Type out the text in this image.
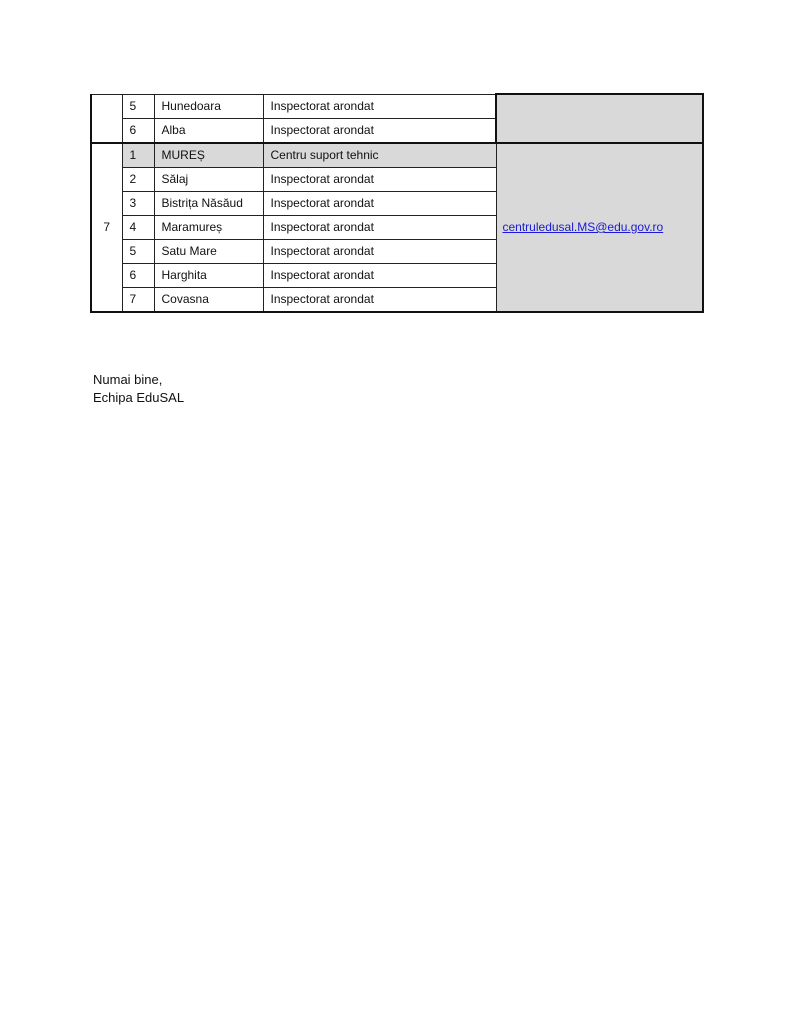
	5	Hunedoara	Inspectorat arondat	
	6	Alba	Inspectorat arondat	
7	1	MUREȘ	Centru suport tehnic	centruledusal.MS@edu.gov.ro
	2	Sălaj	Inspectorat arondat	
	3	Bistrița Năsăud	Inspectorat arondat	
	4	Maramureș	Inspectorat arondat	
	5	Satu Mare	Inspectorat arondat	
	6	Harghita	Inspectorat arondat	
	7	Covasna	Inspectorat arondat	
Numai bine,
Echipa EduSAL
